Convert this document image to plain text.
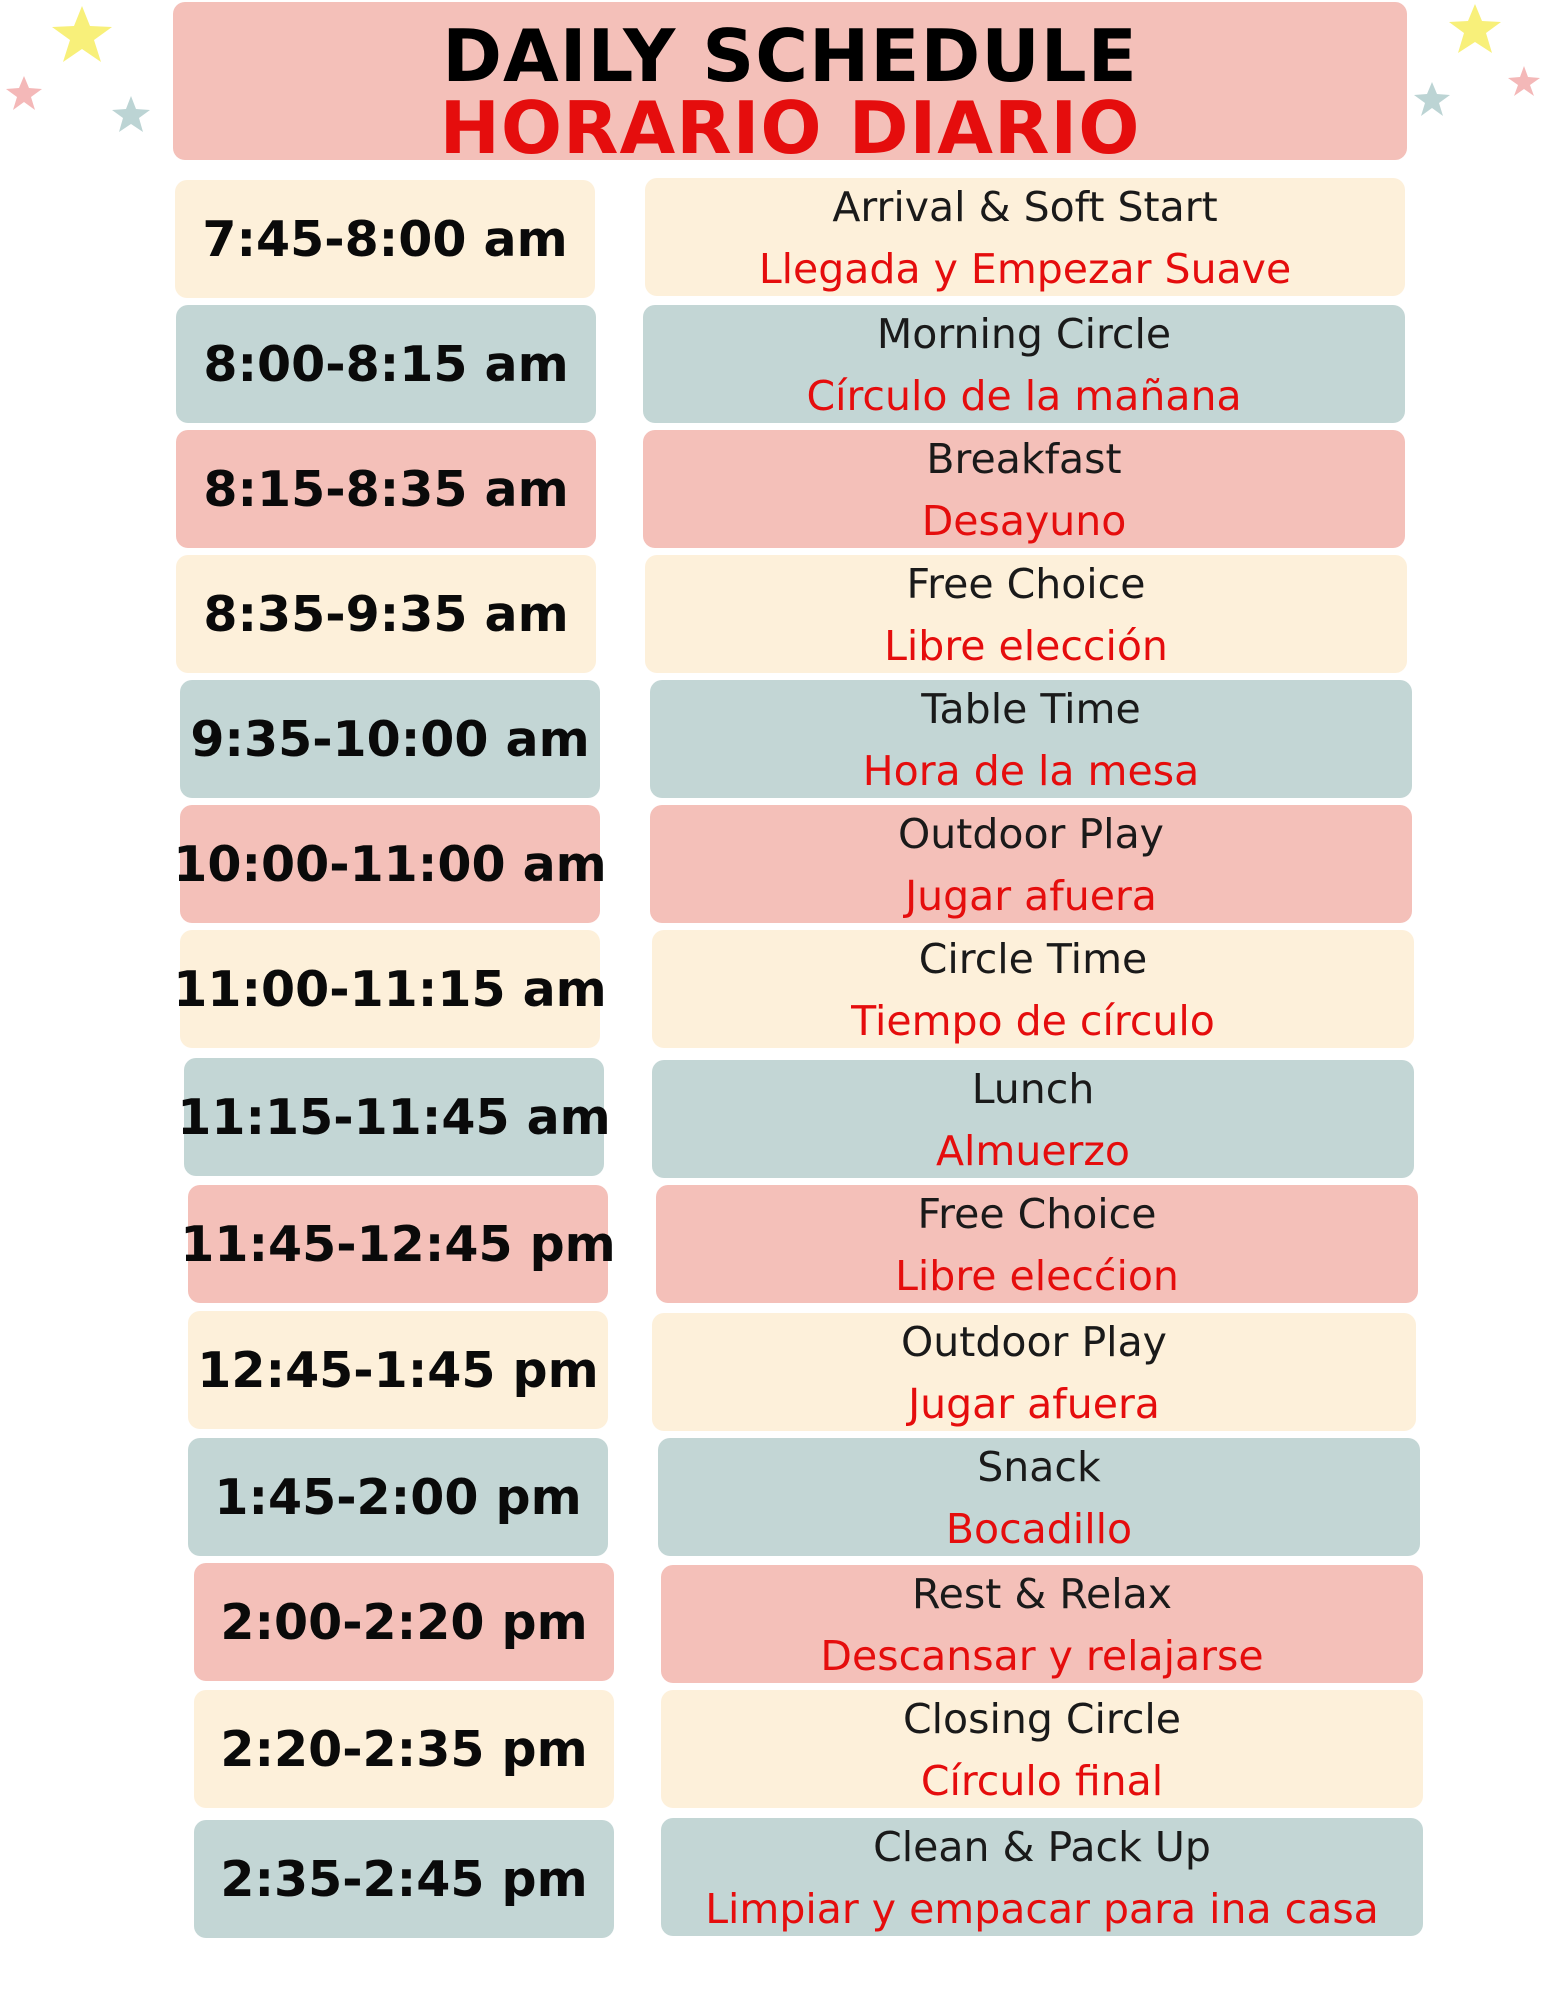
DAILY SCHEDULE
HORARIO DIARIO
7:45-8:00 am
8:00-8:15 am
8:15-8:35 am
8:35-9:35 am
9:35-10:00 am
10:00-11:00 am
11:00-11:15 am
11:15-11:45 am
11:45-12:45 pm
12:45-1:45 pm
1:45-2:00 pm
2:00-2:20 pm
2:20-2:35 pm
2:35-2:45 pm
Arrival & Soft Start
Llegada y Empezar Suave
Morning Circle
Círculo de la mañana
Breakfast
Desayuno
Free Choice
Libre elección
Table Time
Hora de la mesa
Outdoor Play
Jugar afuera
Circle Time
Tiempo de círculo
Lunch
Almuerzo
Free Choice
Libre elecćion
Outdoor Play
Jugar afuera
Snack
Bocadillo
Rest & Relax
Descansar y relajarse
Closing Circle
Círculo final
Clean & Pack Up
Limpiar y empacar para ina casa
